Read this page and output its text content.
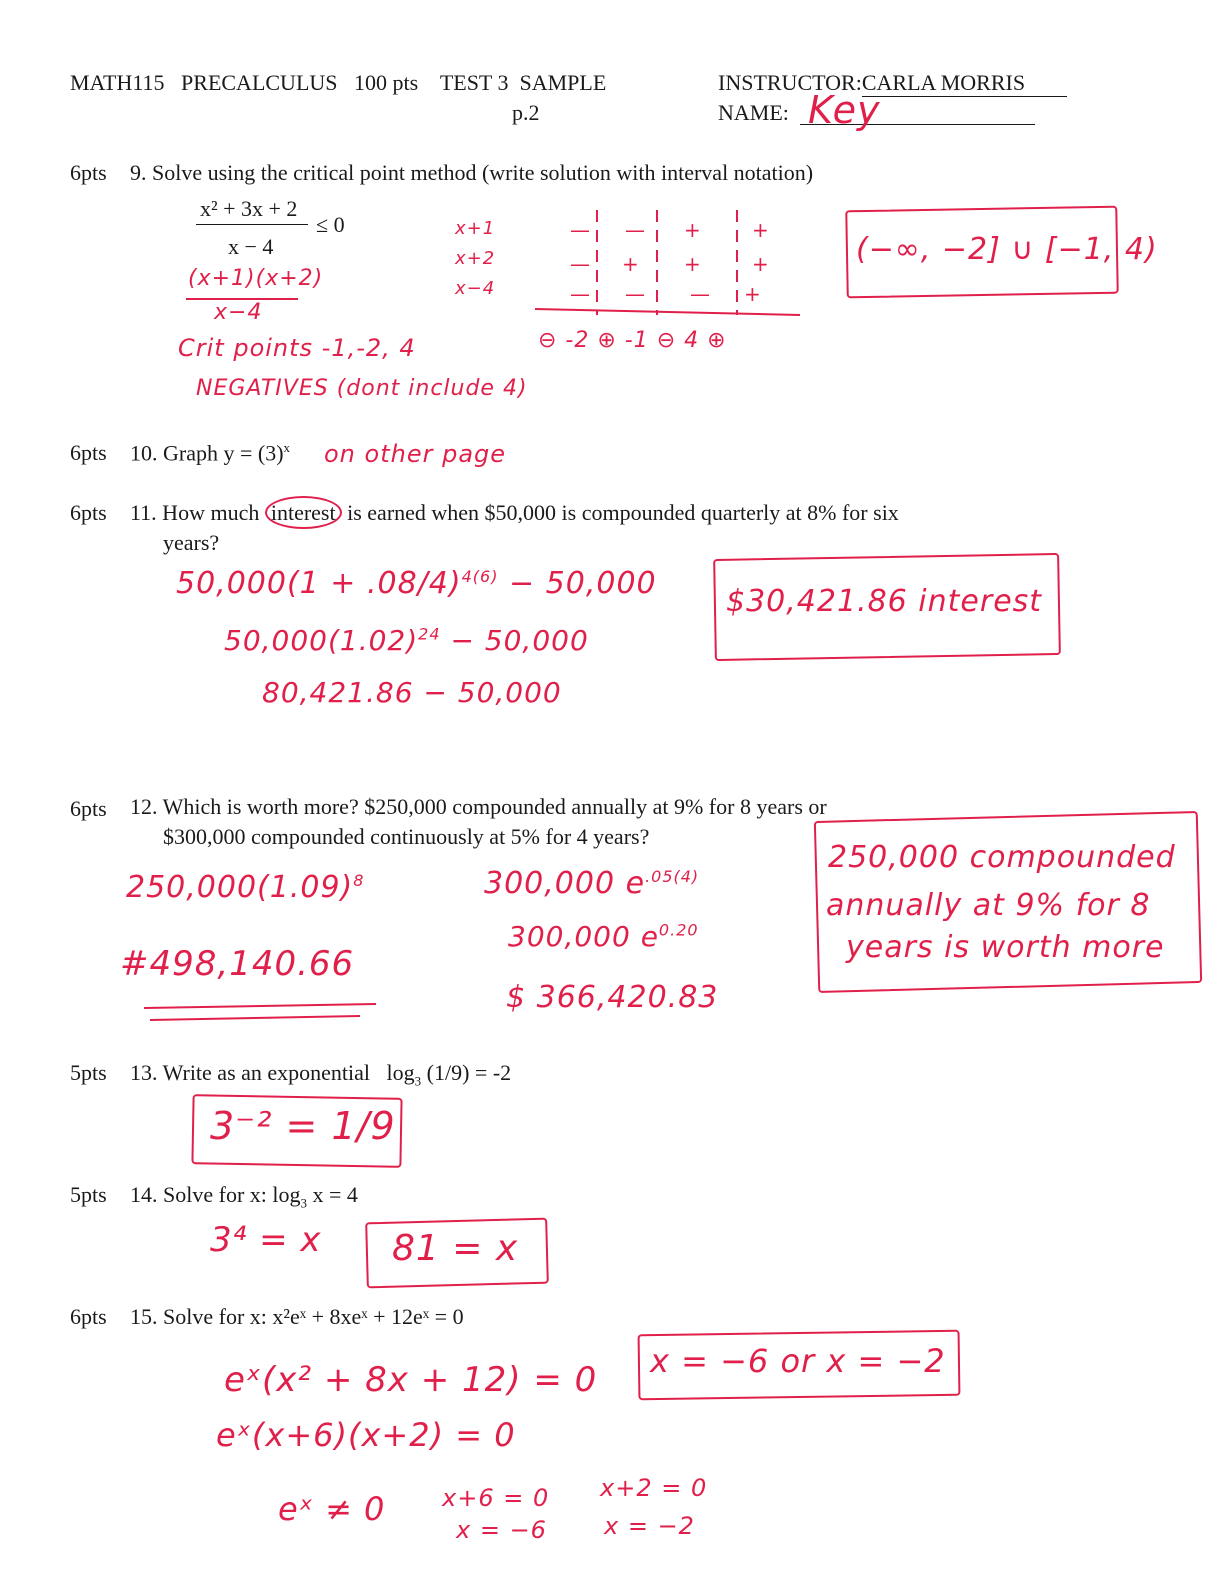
MATH115 PRECALCULUS 100 pts TEST 3 SAMPLE
p.2
INSTRUCTOR:CARLA MORRIS
NAME: Key
6pts 9. Solve using the critical point method (write solution with interval notation)
x² + 3x + 2
≤ 0
x − 4
(x+1)(x+2)
x−4
Crit points -1,-2, 4
NEGATIVES (dont include 4)
x+1
x+2
x−4
— — +	+
— + +	+
— — — +
⊖ -2 ⊕ -1 ⊖ 4 ⊕
(−∞, −2] ∪ [−1, 4)
6pts 10. Graph $y = (3)^x$ on other page
6pts 11. How much interest is earned when $50,000 is compounded quarterly at 8% for six
years?
$50,000(1 + .08/4)^{4(6)} - 50,000$
$50,000(1.02)^{24} - 50,000$
80,421.86 − 50,000
$30,421.86 interest
6pts 12. Which is worth more? $250,000 compounded annually at 9% for 8 years or
$300,000 compounded continuously at 5% for 4 years?
$250,000(1.09)^8$
#498,140.66
300,000 $e^{.05(4)}$
300,000 $e^{0.20}$
$ 366,420.83
250,000 compounded
annually at 9% for 8
years is worth more
5pts 13. Write as an exponential $\log_3 (1/9) = -2$
3⁻² = 1/9
5pts 14. Solve for x: $\log_3 x = 4$
3⁴ = x 81 = x
6pts 15. Solve for x: x²eˣ + 8xeˣ + 12eˣ = 0
eˣ(x² + 8x + 12) = 0
eˣ(x+6)(x+2) = 0
eˣ ≠ 0 x+6 = 0
x = −6
x+2 = 0
x = −2
x = −6 or x = −2
